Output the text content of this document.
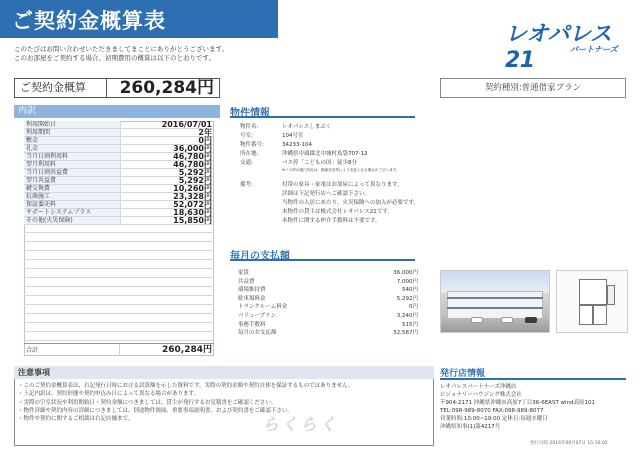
ご契約金概算表
このたびはお問い合わせいただきましてまことにありがとうございます。
このお部屋をご契約する場合、初期費用の概算は以下のとおりです。
レオパレス21	パートナーズ
ご契約金概算	260,284円	契約種別:普通借家プラン
内訳
利用開始日	2016/07/01
利用期間	2年
敷金	0円
礼金	36,000円
当月日割利用料	46,780円
翌月利用料	46,780円
当月日割共益費	5,292円
翌月共益費	5,292円
鍵交換費	10,260円
抗菌施工	23,328円
保証委託料	52,072円
サポートシステムプラス	18,630円
その他(火災保険)	15,850円
合計	260,284円
物件情報
物件名:	レオパレスしまぶく
号室:	104号室
物件番号:	34233-104
所在地:	沖縄県中頭郡北中城村島袋707-12
交通:	バス停「こどもの国」徒歩8分
※バス停の運行状況は、路線状況等により変更となる場合がございます。
備考:	付帯の家具・家電はお部屋によって異なります。
詳細は下記発行店へご確認下さい。
当物件の入居にあたり、火災保険への加入が必要です。
本物件の貸主は株式会社レオパレス21です。
本物件に関する仲介手数料は不要です。
毎月の支払額
家賃	36,000円
共益費	7,000円
環境維持費	540円
駐車場料金	5,292円
トランクルーム料金	0円
バリュープラン	3,240円
事務手数料	515円
毎月のお支払額	52,587円
注意事項
・このご契約金概算表は、右記発行日時における試算額を示した資料です。実際の契約金額や契約自体を保証するものではありません。
・上記内訳は、契約形態や契約申込み日によって異なる場合があります。
・実際の空室状況や利用開始日・契約金額につきましては、貸主が発行するお見積書をご確認ください。
・物件詳細や契約内容の詳細につきましては、別途物件図面、重要事項説明書、および契約書をご確認下さい。
・物件や契約に関するご相談は右記店舗まで。	らくらく
発行店情報
レオパレスパートナーズ沖縄店
ビジョナリーハウジング株式会社
〒904-2171 沖縄県沖縄市高原7丁目36-6EAST wind高原101
TEL:098-989-8070 FAX:098-989-8077
営業時間:10:00~19:00 定休日:毎週水曜日
沖縄県知事(1)第4217号
発行日時:2016年06月07日 15:16:02
